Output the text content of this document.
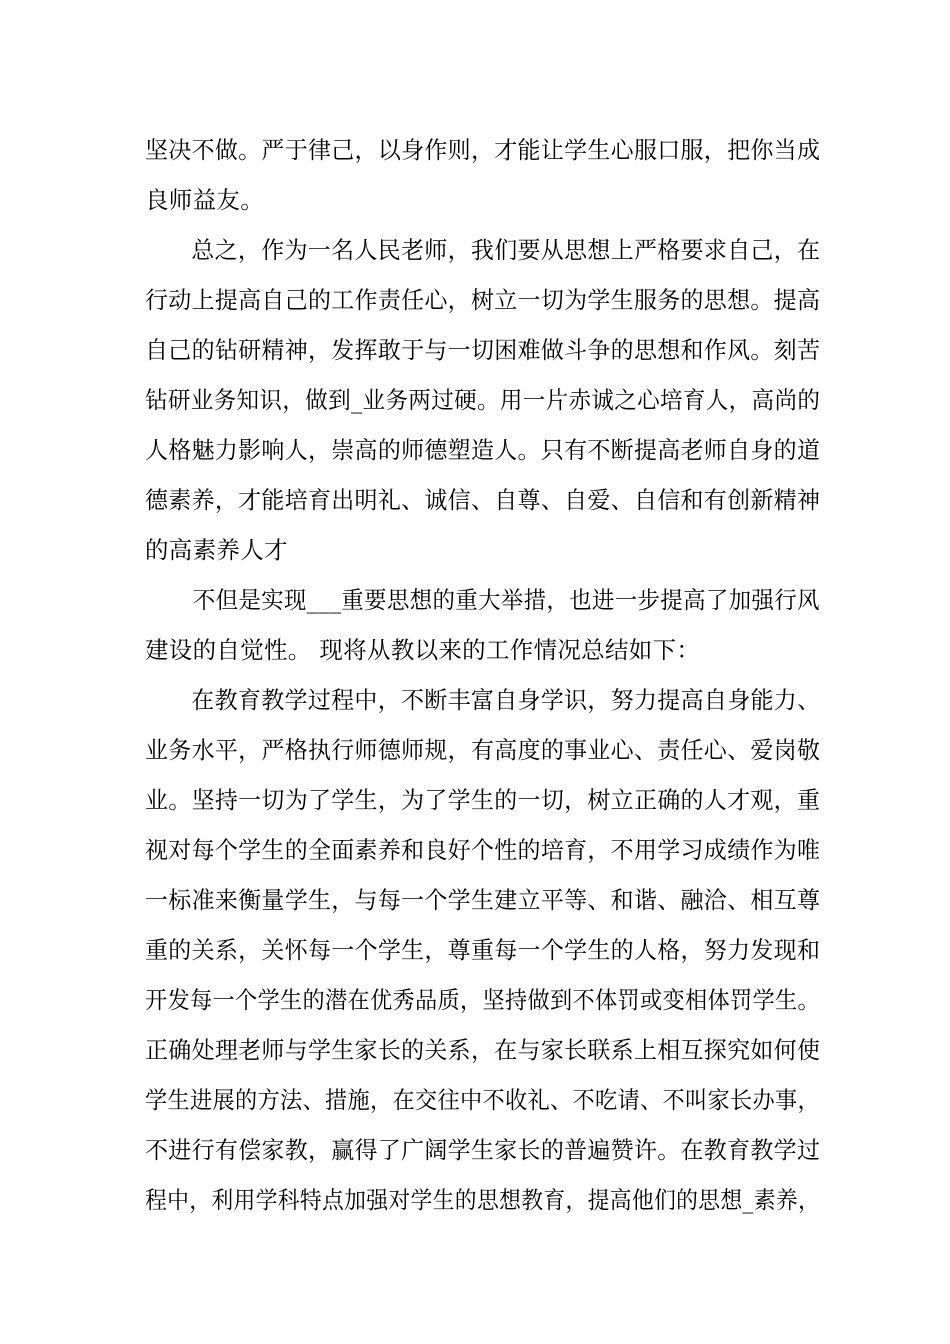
坚决不做。严于律己，以身作则，才能让学生心服口服，把你当成
良师益友。
　总之，作为一名人民老师，我们要从思想上严格要求自己，在
行动上提高自己的工作责任心，树立一切为学生服务的思想。提高
自己的钻研精神，发挥敢于与一切困难做斗争的思想和作风。刻苦
钻研业务知识，做到_业务两过硬。用一片赤诚之心培育人，高尚的
人格魅力影响人，崇高的师德塑造人。只有不断提高老师自身的道
德素养，才能培育出明礼、诚信、自尊、自爱、自信和有创新精神
的高素养人才
　不但是实现___重要思想的重大举措，也进一步提高了加强行风
建设的自觉性。 现将从教以来的工作情况总结如下：
　在教育教学过程中，不断丰富自身学识，努力提高自身能力、
业务水平，严格执行师德师规，有高度的事业心、责任心、爱岗敬
业。坚持一切为了学生，为了学生的一切，树立正确的人才观，重
视对每个学生的全面素养和良好个性的培育，不用学习成绩作为唯
一标准来衡量学生，与每一个学生建立平等、和谐、融洽、相互尊
重的关系，关怀每一个学生，尊重每一个学生的人格，努力发现和
开发每一个学生的潜在优秀品质，坚持做到不体罚或变相体罚学生。
正确处理老师与学生家长的关系，在与家长联系上相互探究如何使
学生进展的方法、措施，在交往中不收礼、不吃请、不叫家长办事，
不进行有偿家教，赢得了广阔学生家长的普遍赞许。在教育教学过
程中，利用学科特点加强对学生的思想教育，提高他们的思想_素养，
